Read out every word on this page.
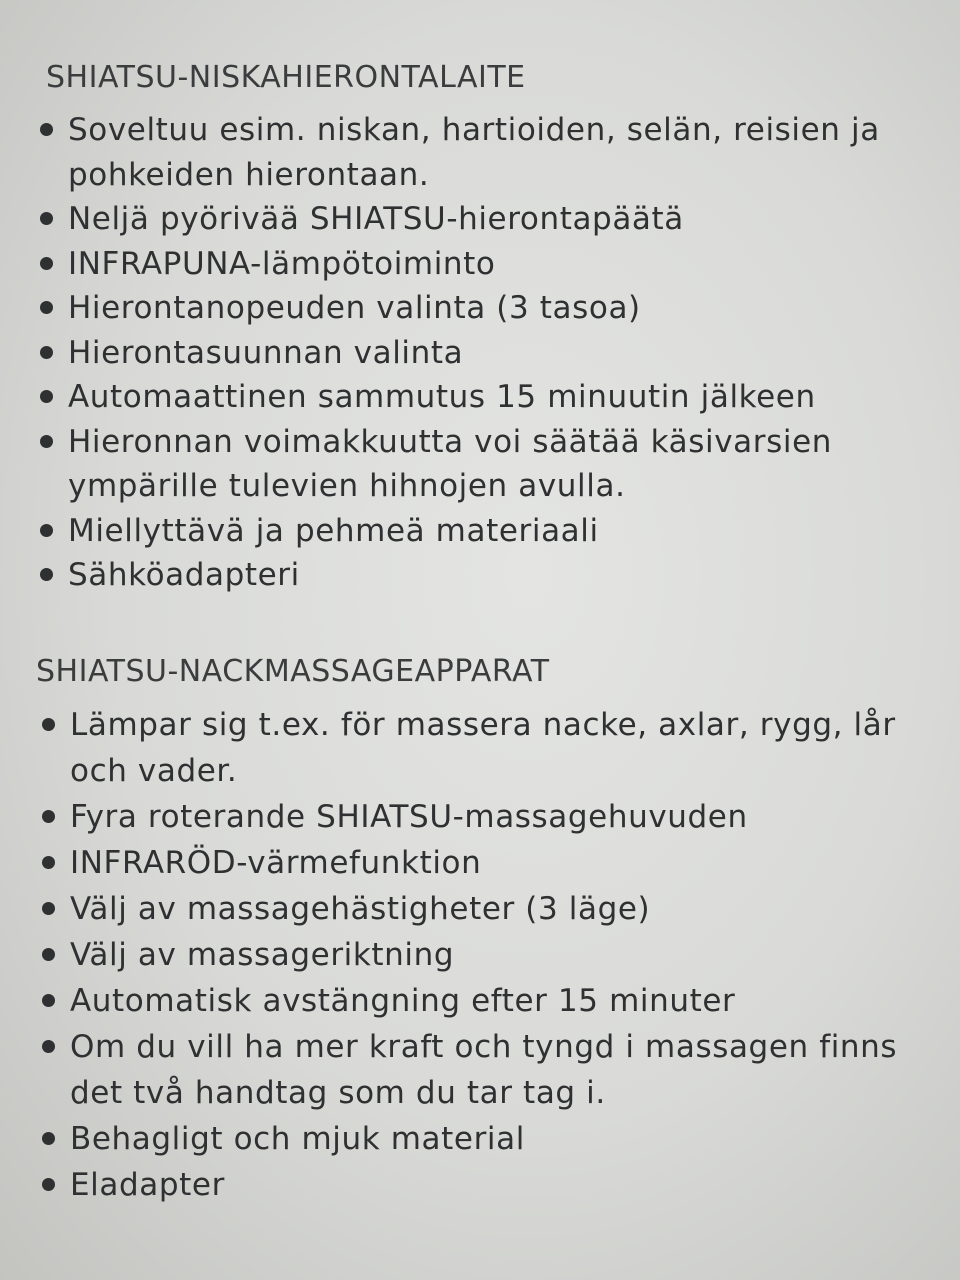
SHIATSU-NISKAHIERONTALAITE
Soveltuu esim. niskan, hartioiden, selän, reisien ja pohkeiden hierontaan.
Neljä pyörivää SHIATSU-hierontapäätä
INFRAPUNA-lämpötoiminto
Hierontanopeuden valinta (3 tasoa)
Hierontasuunnan valinta
Automaattinen sammutus 15 minuutin jälkeen
Hieronnan voimakkuutta voi säätää käsivarsien ympärille tulevien hihnojen avulla.
Miellyttävä ja pehmeä materiaali
Sähköadapteri
SHIATSU-NACKMASSAGEAPPARAT
Lämpar sig t.ex. för massera nacke, axlar, rygg, lår och vader.
Fyra roterande SHIATSU-massagehuvuden
INFRARÖD-värmefunktion
Välj av massagehästigheter (3 läge)
Välj av massageriktning
Automatisk avstängning efter 15 minuter
Om du vill ha mer kraft och tyngd i massagen finns det två handtag som du tar tag i.
Behagligt och mjuk material
Eladapter
